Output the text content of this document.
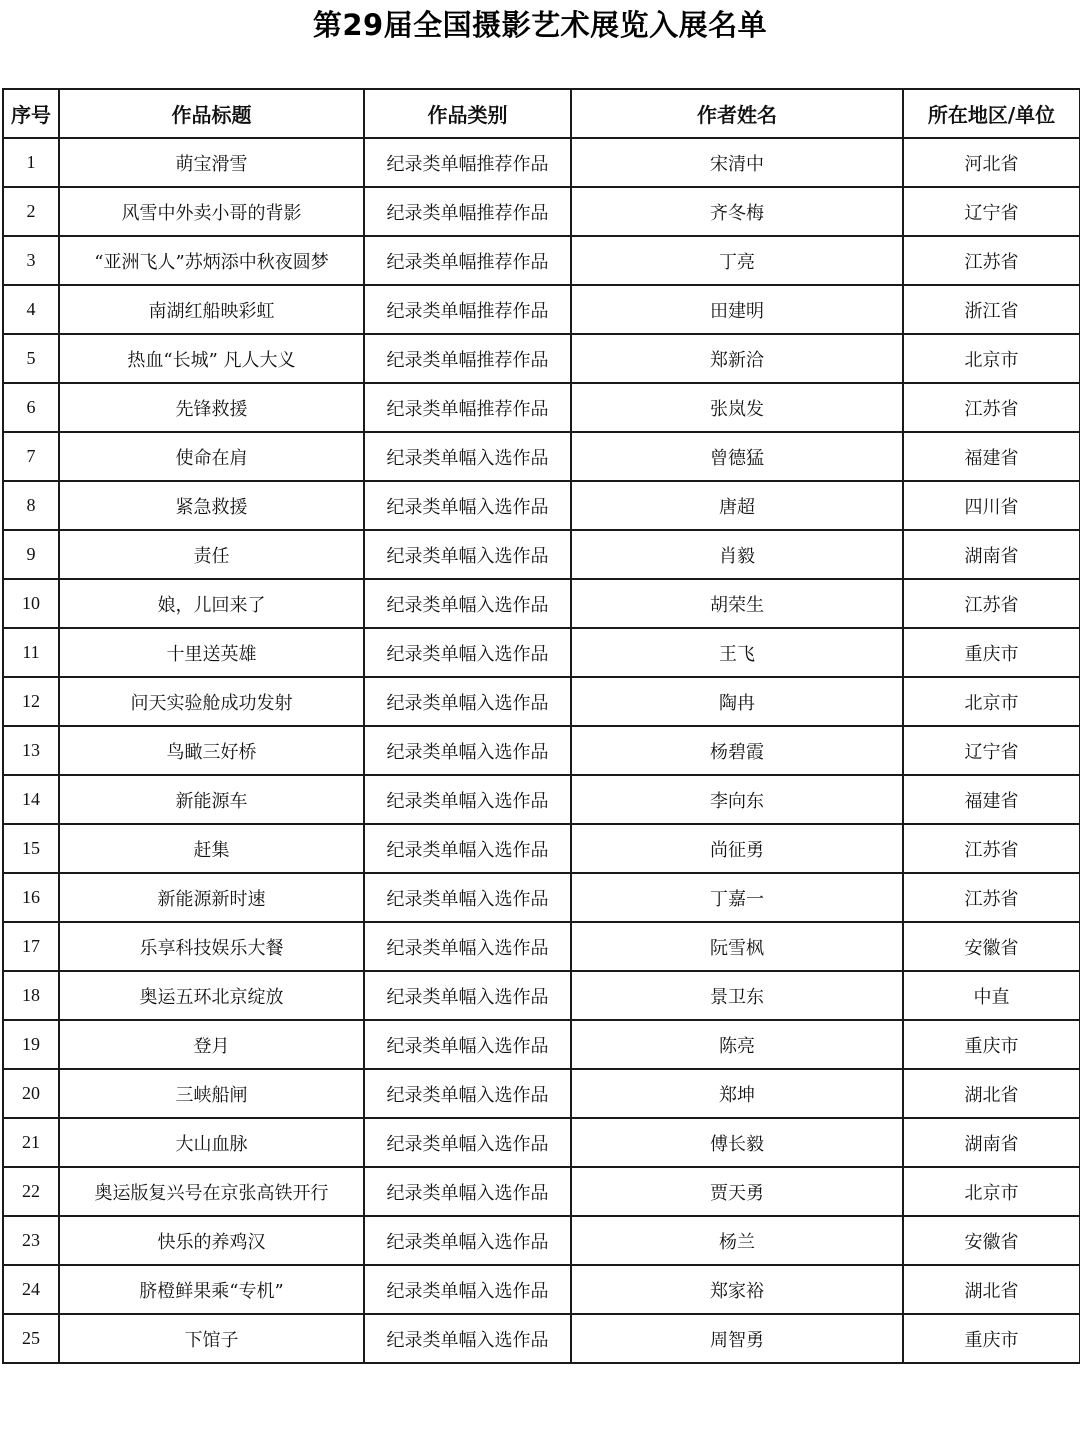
第29届全国摄影艺术展览入展名单
序号	作品标题	作品类别	作者姓名	所在地区/单位
1	萌宝滑雪	纪录类单幅推荐作品	宋清中	河北省
2	风雪中外卖小哥的背影	纪录类单幅推荐作品	齐冬梅	辽宁省
3	“亚洲飞人”苏炳添中秋夜圆梦	纪录类单幅推荐作品	丁亮	江苏省
4	南湖红船映彩虹	纪录类单幅推荐作品	田建明	浙江省
5	热血“长城” 凡人大义	纪录类单幅推荐作品	郑新洽	北京市
6	先锋救援	纪录类单幅推荐作品	张岚发	江苏省
7	使命在肩	纪录类单幅入选作品	曾德猛	福建省
8	紧急救援	纪录类单幅入选作品	唐超	四川省
9	责任	纪录类单幅入选作品	肖毅	湖南省
10	娘，儿回来了	纪录类单幅入选作品	胡荣生	江苏省
11	十里送英雄	纪录类单幅入选作品	王飞	重庆市
12	问天实验舱成功发射	纪录类单幅入选作品	陶冉	北京市
13	鸟瞰三好桥	纪录类单幅入选作品	杨碧霞	辽宁省
14	新能源车	纪录类单幅入选作品	李向东	福建省
15	赶集	纪录类单幅入选作品	尚征勇	江苏省
16	新能源新时速	纪录类单幅入选作品	丁嘉一	江苏省
17	乐享科技娱乐大餐	纪录类单幅入选作品	阮雪枫	安徽省
18	奥运五环北京绽放	纪录类单幅入选作品	景卫东	中直
19	登月	纪录类单幅入选作品	陈亮	重庆市
20	三峡船闸	纪录类单幅入选作品	郑坤	湖北省
21	大山血脉	纪录类单幅入选作品	傅长毅	湖南省
22	奥运版复兴号在京张高铁开行	纪录类单幅入选作品	贾天勇	北京市
23	快乐的养鸡汉	纪录类单幅入选作品	杨兰	安徽省
24	脐橙鲜果乘“专机”	纪录类单幅入选作品	郑家裕	湖北省
25	下馆子	纪录类单幅入选作品	周智勇	重庆市
